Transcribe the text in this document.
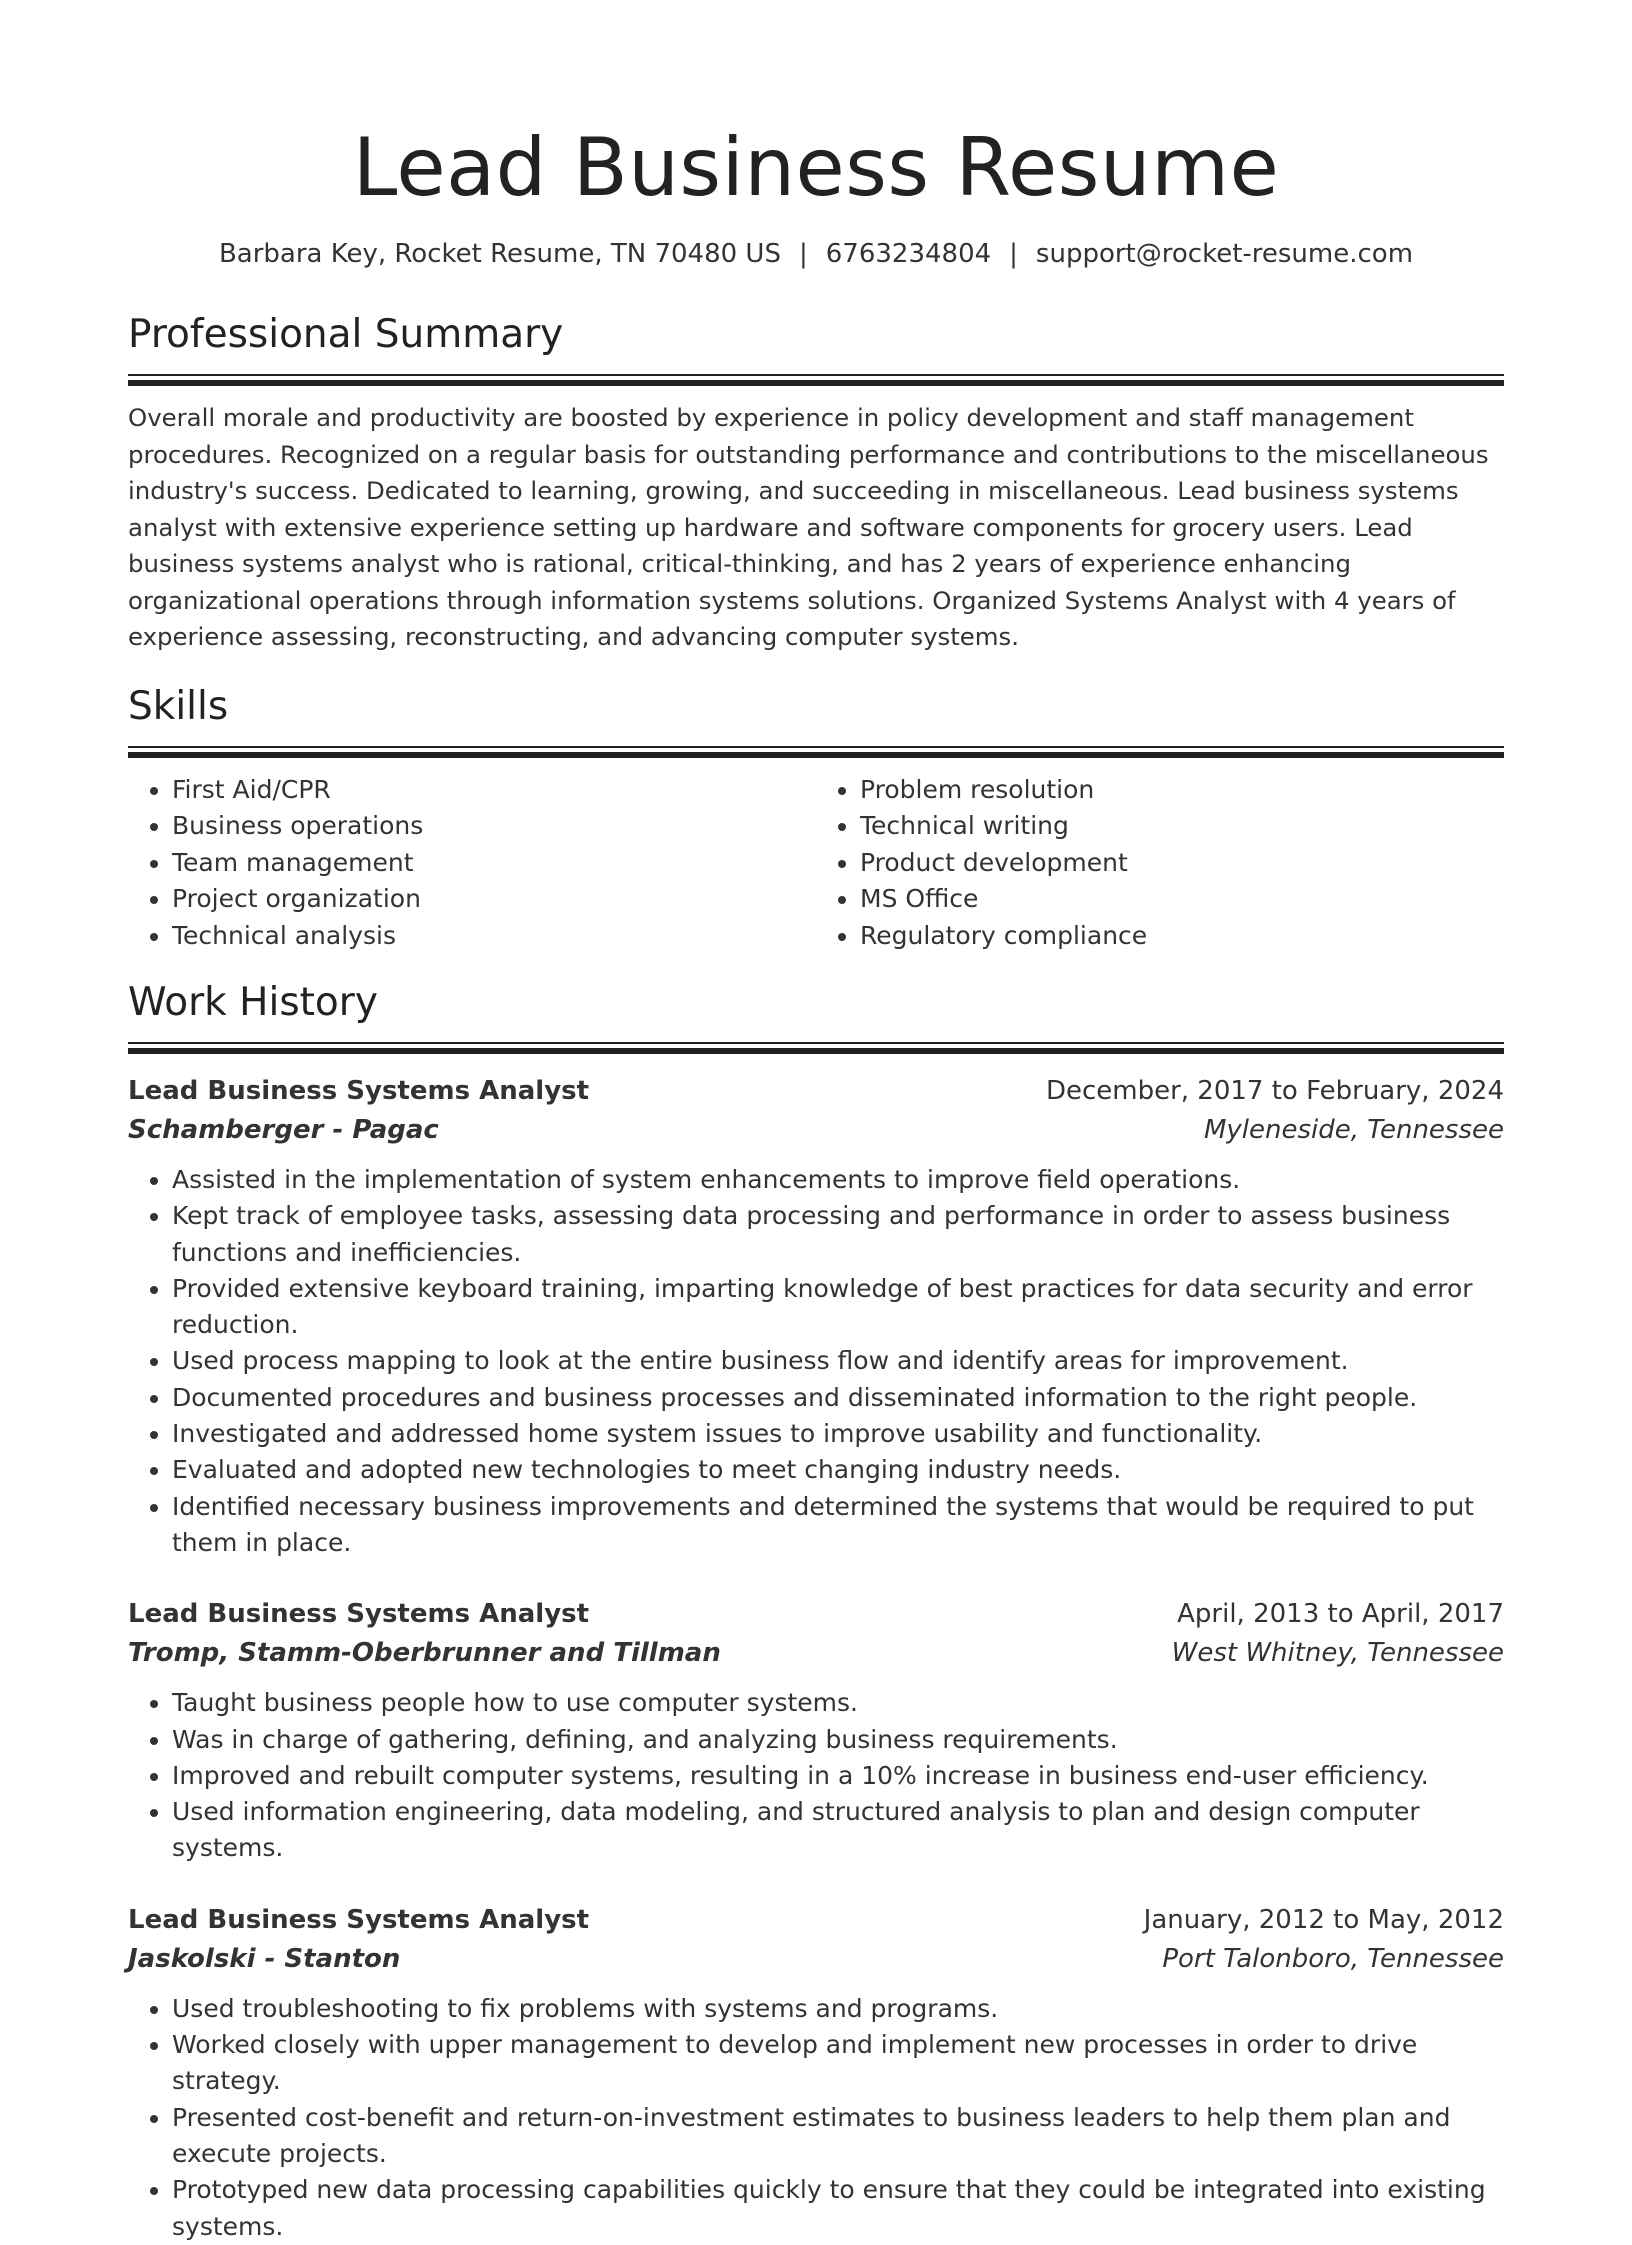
Lead Business Resume
Barbara Key, Rocket Resume, TN 70480 US | 6763234804 | support@rocket-resume.com
Professional Summary

Overall morale and productivity are boosted by experience in policy development and staff management procedures. Recognized on a regular basis for outstanding performance and contributions to the miscellaneous industry's success. Dedicated to learning, growing, and succeeding in miscellaneous. Lead business systems analyst with extensive experience setting up hardware and software components for grocery users. Lead business systems analyst who is rational, critical-thinking, and has 2 years of experience enhancing organizational operations through information systems solutions. Organized Systems Analyst with 4 years of experience assessing, reconstructing, and advancing computer systems.

Skills
• First Aid/CPR
• Business operations
• Team management
• Project organization
• Technical analysis
• Problem resolution
• Technical writing
• Product development
• MS Office
• Regulatory compliance
Work History
Lead Business Systems Analyst	December, 2017 to February, 2024
Schamberger - Pagac	Myleneside, Tennessee
• Assisted in the implementation of system enhancements to improve field operations.
• Kept track of employee tasks, assessing data processing and performance in order to assess business functions and inefficiencies.
• Provided extensive keyboard training, imparting knowledge of best practices for data security and error reduction.
• Used process mapping to look at the entire business flow and identify areas for improvement.
• Documented procedures and business processes and disseminated information to the right people.
• Investigated and addressed home system issues to improve usability and functionality.
• Evaluated and adopted new technologies to meet changing industry needs.
• Identified necessary business improvements and determined the systems that would be required to put them in place.
Lead Business Systems Analyst	April, 2013 to April, 2017
Tromp, Stamm-Oberbrunner and Tillman	West Whitney, Tennessee
• Taught business people how to use computer systems.
• Was in charge of gathering, defining, and analyzing business requirements.
• Improved and rebuilt computer systems, resulting in a 10% increase in business end-user efficiency.
• Used information engineering, data modeling, and structured analysis to plan and design computer systems.
Lead Business Systems Analyst	January, 2012 to May, 2012
Jaskolski - Stanton	Port Talonboro, Tennessee
• Used troubleshooting to fix problems with systems and programs.
• Worked closely with upper management to develop and implement new processes in order to drive strategy.
• Presented cost-benefit and return-on-investment estimates to business leaders to help them plan and execute projects.
• Prototyped new data processing capabilities quickly to ensure that they could be integrated into existing systems.
